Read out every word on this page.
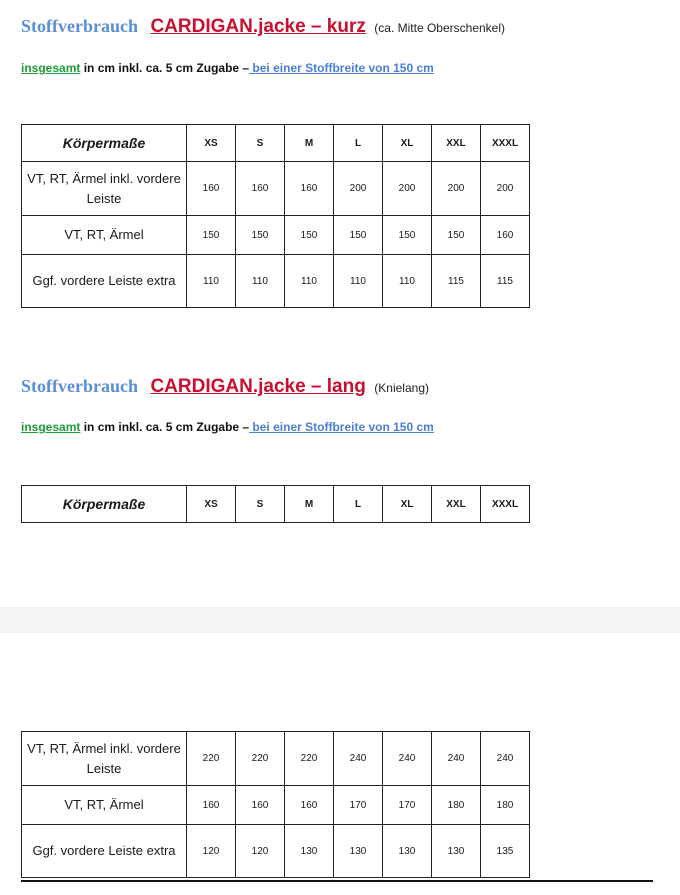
Stoffverbrauch CARDIGAN.jacke – kurz (ca. Mitte Oberschenkel)
insgesamt in cm inkl. ca. 5 cm Zugabe – bei einer Stoffbreite von 150 cm
Körpermaße	XS	S	M	L	XL	XXL	XXXL
VT, RT, Ärmel inkl. vordere Leiste	160	160	160	200	200	200	200
VT, RT, Ärmel	150	150	150	150	150	150	160
Ggf. vordere Leiste extra	110	110	110	110	110	115	115
Stoffverbrauch CARDIGAN.jacke – lang (Knielang)
insgesamt in cm inkl. ca. 5 cm Zugabe – bei einer Stoffbreite von 150 cm
Körpermaße	XS	S	M	L	XL	XXL	XXXL
VT, RT, Ärmel inkl. vordere Leiste	220	220	220	240	240	240	240
VT, RT, Ärmel	160	160	160	170	170	180	180
Ggf. vordere Leiste extra	120	120	130	130	130	130	135
